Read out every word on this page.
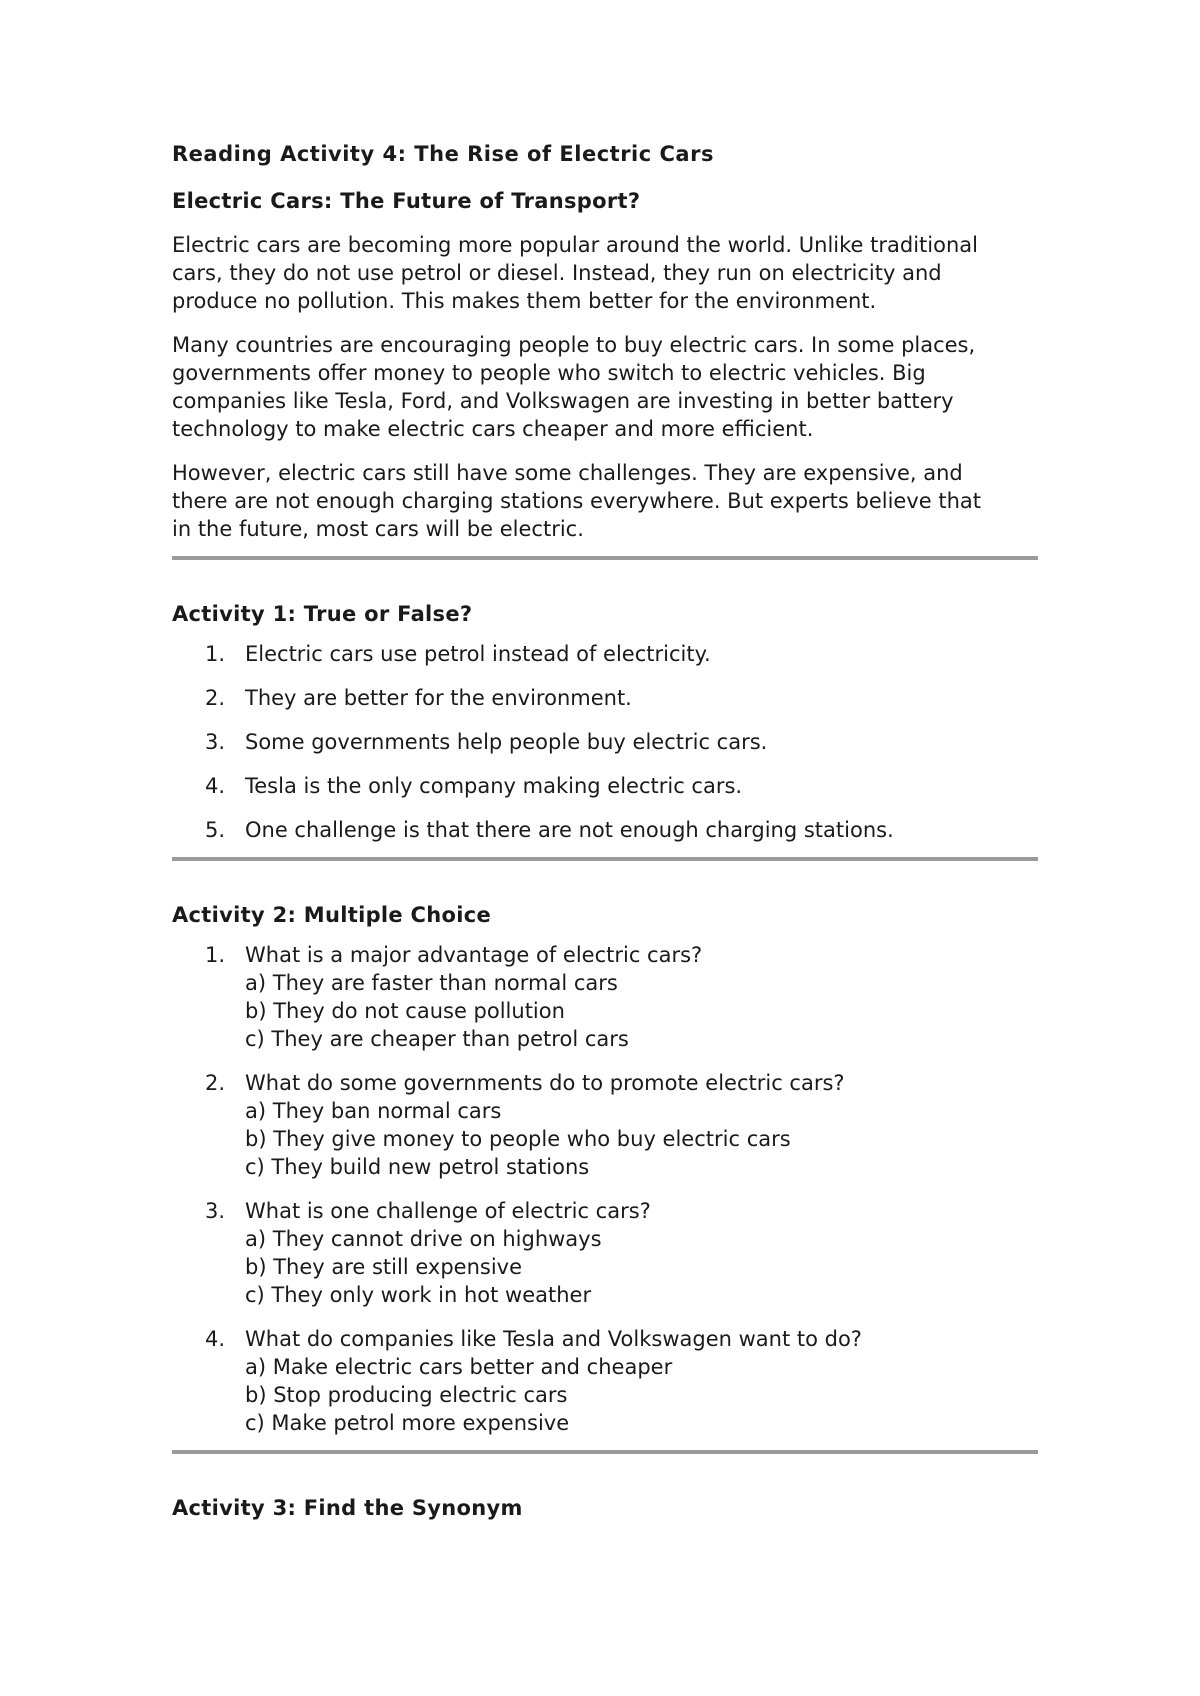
Reading Activity 4: The Rise of Electric Cars
Electric Cars: The Future of Transport?
Electric cars are becoming more popular around the world. Unlike traditional
cars, they do not use petrol or diesel. Instead, they run on electricity and
produce no pollution. This makes them better for the environment.
Many countries are encouraging people to buy electric cars. In some places,
governments offer money to people who switch to electric vehicles. Big
companies like Tesla, Ford, and Volkswagen are investing in better battery
technology to make electric cars cheaper and more efficient.
However, electric cars still have some challenges. They are expensive, and
there are not enough charging stations everywhere. But experts believe that
in the future, most cars will be electric.
Activity 1: True or False?
1. Electric cars use petrol instead of electricity.
2. They are better for the environment.
3. Some governments help people buy electric cars.
4. Tesla is the only company making electric cars.
5. One challenge is that there are not enough charging stations.
Activity 2: Multiple Choice
1. What is a major advantage of electric cars?
a) They are faster than normal cars
b) They do not cause pollution
c) They are cheaper than petrol cars
2. What do some governments do to promote electric cars?
a) They ban normal cars
b) They give money to people who buy electric cars
c) They build new petrol stations
3. What is one challenge of electric cars?
a) They cannot drive on highways
b) They are still expensive
c) They only work in hot weather
4. What do companies like Tesla and Volkswagen want to do?
a) Make electric cars better and cheaper
b) Stop producing electric cars
c) Make petrol more expensive
Activity 3: Find the Synonym
